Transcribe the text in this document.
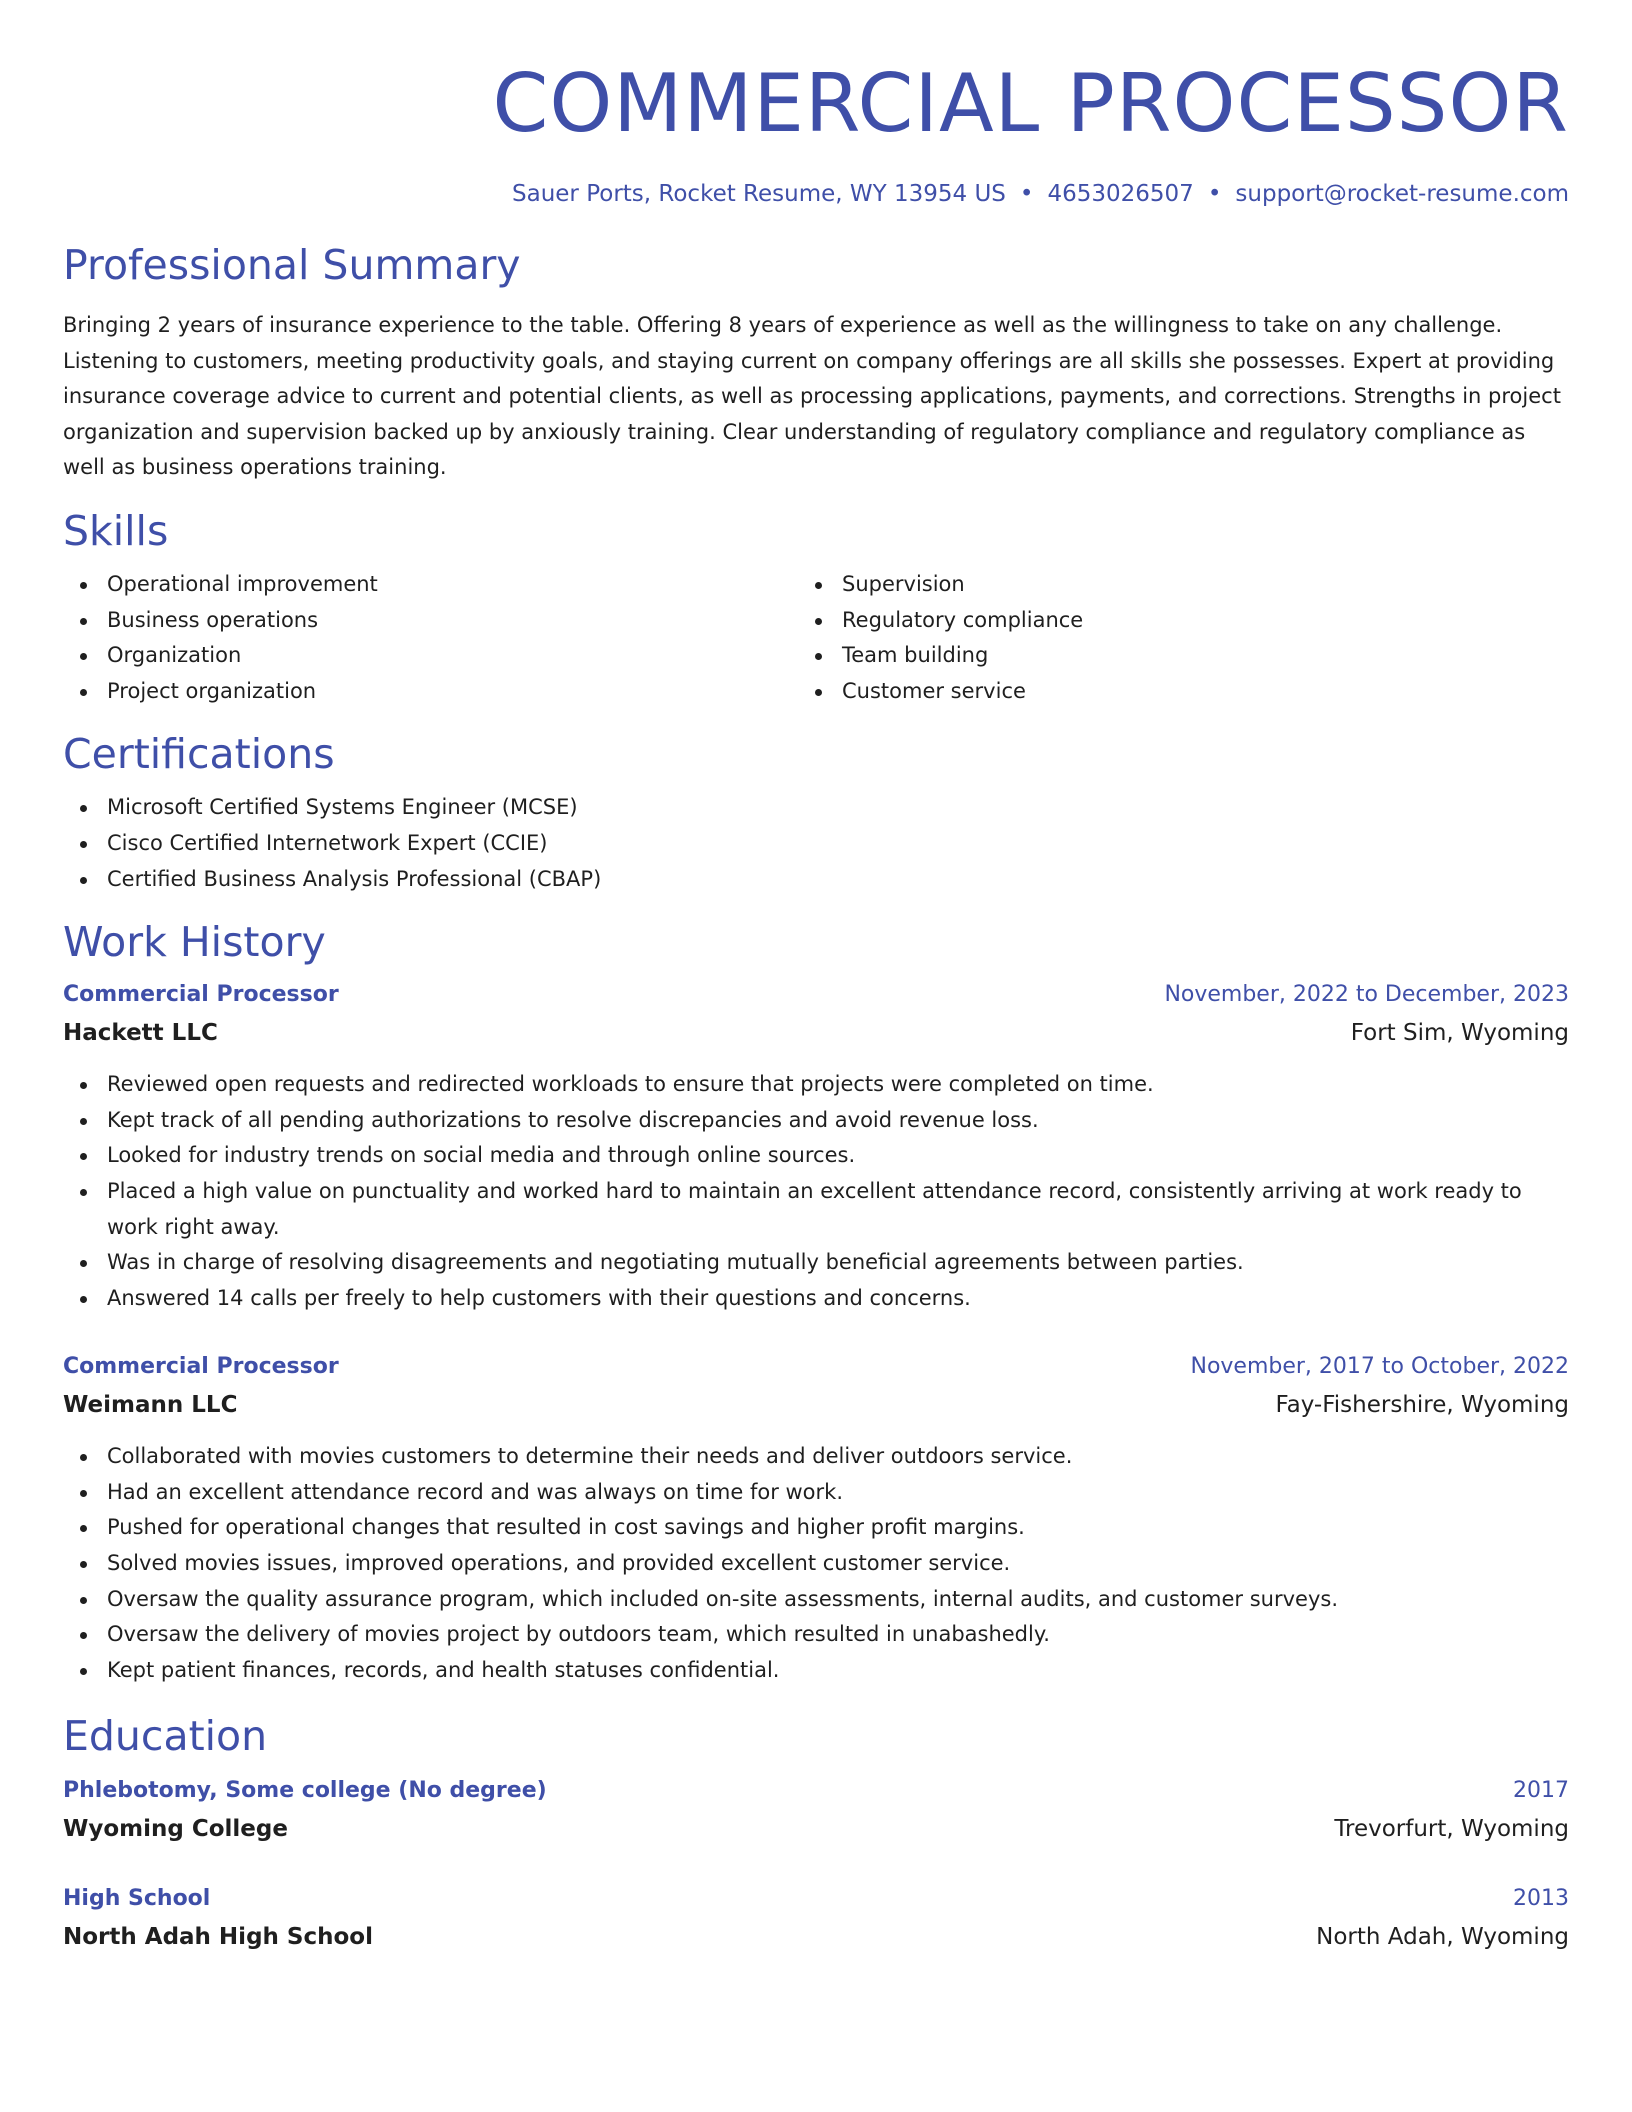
COMMERCIAL PROCESSOR
Sauer Ports, Rocket Resume, WY 13954 US • 4653026507 • support@rocket-resume.com
Professional Summary

Bringing 2 years of insurance experience to the table. Offering 8 years of experience as well as the willingness to take on any challenge. Listening to customers, meeting productivity goals, and staying current on company offerings are all skills she possesses. Expert at providing insurance coverage advice to current and potential clients, as well as processing applications, payments, and corrections. Strengths in project organization and supervision backed up by anxiously training. Clear understanding of regulatory compliance and regulatory compliance as well as business operations training.

Skills
Operational improvement
Business operations
Organization
Project organization
Supervision
Regulatory compliance
Team building
Customer service
Certifications
Microsoft Certified Systems Engineer (MCSE)
Cisco Certified Internetwork Expert (CCIE)
Certified Business Analysis Professional (CBAP)
Work History
Commercial Processor	November, 2022 to December, 2023
Hackett LLC	Fort Sim, Wyoming
Reviewed open requests and redirected workloads to ensure that projects were completed on time.
Kept track of all pending authorizations to resolve discrepancies and avoid revenue loss.
Looked for industry trends on social media and through online sources.
Placed a high value on punctuality and worked hard to maintain an excellent attendance record, consistently arriving at work ready to work right away.
Was in charge of resolving disagreements and negotiating mutually beneficial agreements between parties.
Answered 14 calls per freely to help customers with their questions and concerns.
Commercial Processor	November, 2017 to October, 2022
Weimann LLC	Fay-Fishershire, Wyoming
Collaborated with movies customers to determine their needs and deliver outdoors service.
Had an excellent attendance record and was always on time for work.
Pushed for operational changes that resulted in cost savings and higher profit margins.
Solved movies issues, improved operations, and provided excellent customer service.
Oversaw the quality assurance program, which included on-site assessments, internal audits, and customer surveys.
Oversaw the delivery of movies project by outdoors team, which resulted in unabashedly.
Kept patient finances, records, and health statuses confidential.
Education
Phlebotomy, Some college (No degree)	2017
Wyoming College	Trevorfurt, Wyoming
High School	2013
North Adah High School	North Adah, Wyoming
